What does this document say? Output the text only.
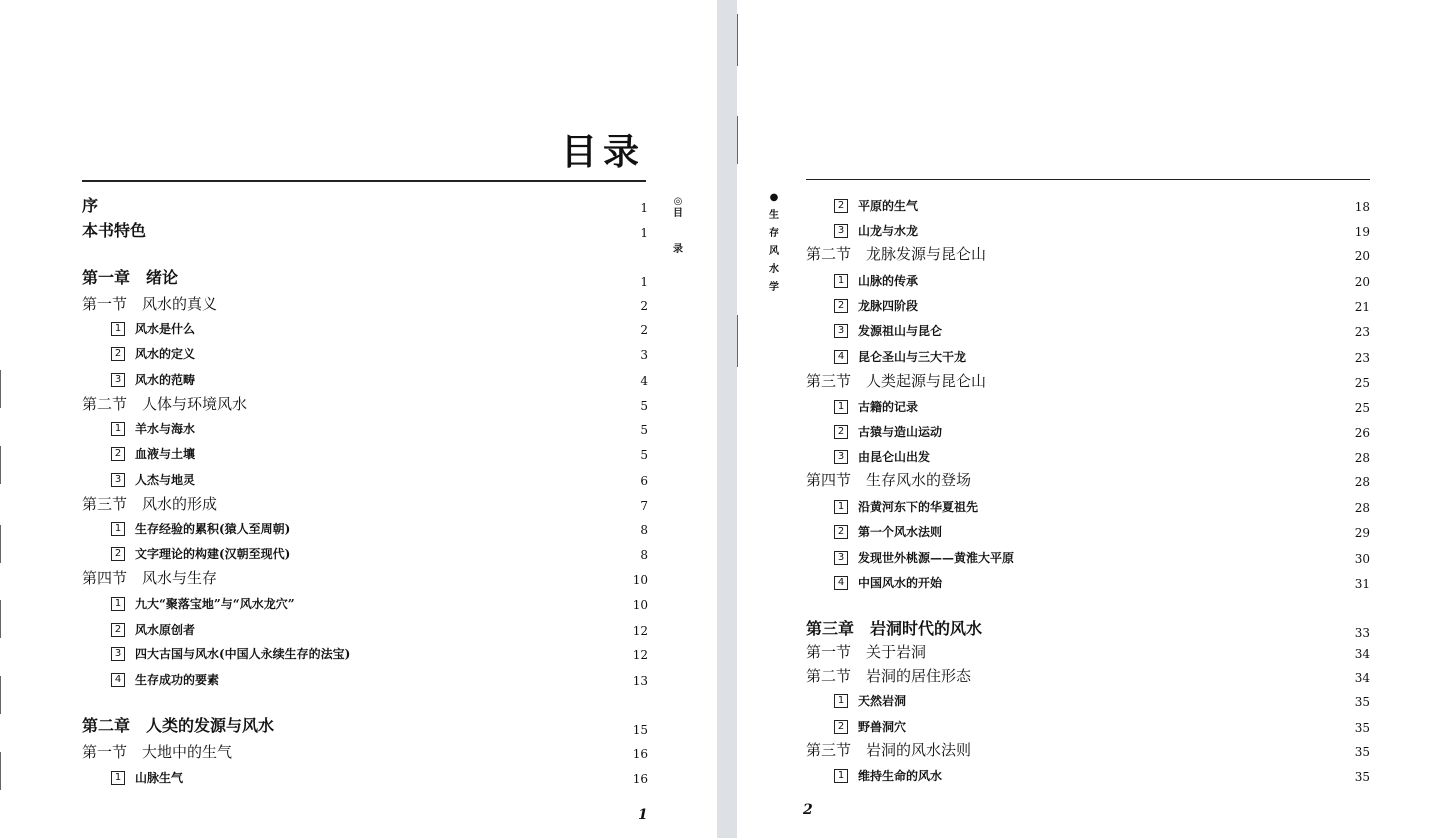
目录
序	1
本书特色	1
第一章　绪论	1
第一节　风水的真义	2
1 风水是什么	2
2 风水的定义	3
3 风水的范畴	4
第二节　人体与环境风水	5
1 羊水与海水	5
2 血液与土壤	5
3 人杰与地灵	6
第三节　风水的形成	7
1 生存经验的累积(猿人至周朝)	8
2 文字理论的构建(汉朝至现代)	8
第四节　风水与生存	10
1 九大“聚落宝地”与“风水龙穴”	10
2 风水原创者	12
3 四大古国与风水(中国人永续生存的法宝)	12
4 生存成功的要素	13
第二章　人类的发源与风水	15
第一节　大地中的生气	16
1 山脉生气	16
◎
目
录
1
2 平原的生气	18
3 山龙与水龙	19
第二节　龙脉发源与昆仑山	20
1 山脉的传承	20
2 龙脉四阶段	21
3 发源祖山与昆仑	23
4 昆仑圣山与三大干龙	23
第三节　人类起源与昆仑山	25
1 古籍的记录	25
2 古猿与造山运动	26
3 由昆仑山出发	28
第四节　生存风水的登场	28
1 沿黄河东下的华夏祖先	28
2 第一个风水法则	29
3 发现世外桃源——黄淮大平原	30
4 中国风水的开始	31
第三章　岩洞时代的风水	33
第一节　关于岩洞	34
第二节　岩洞的居住形态	34
1 天然岩洞	35
2 野兽洞穴	35
第三节　岩洞的风水法则	35
1 维持生命的风水	35
●
生
存
风
水
学
2
